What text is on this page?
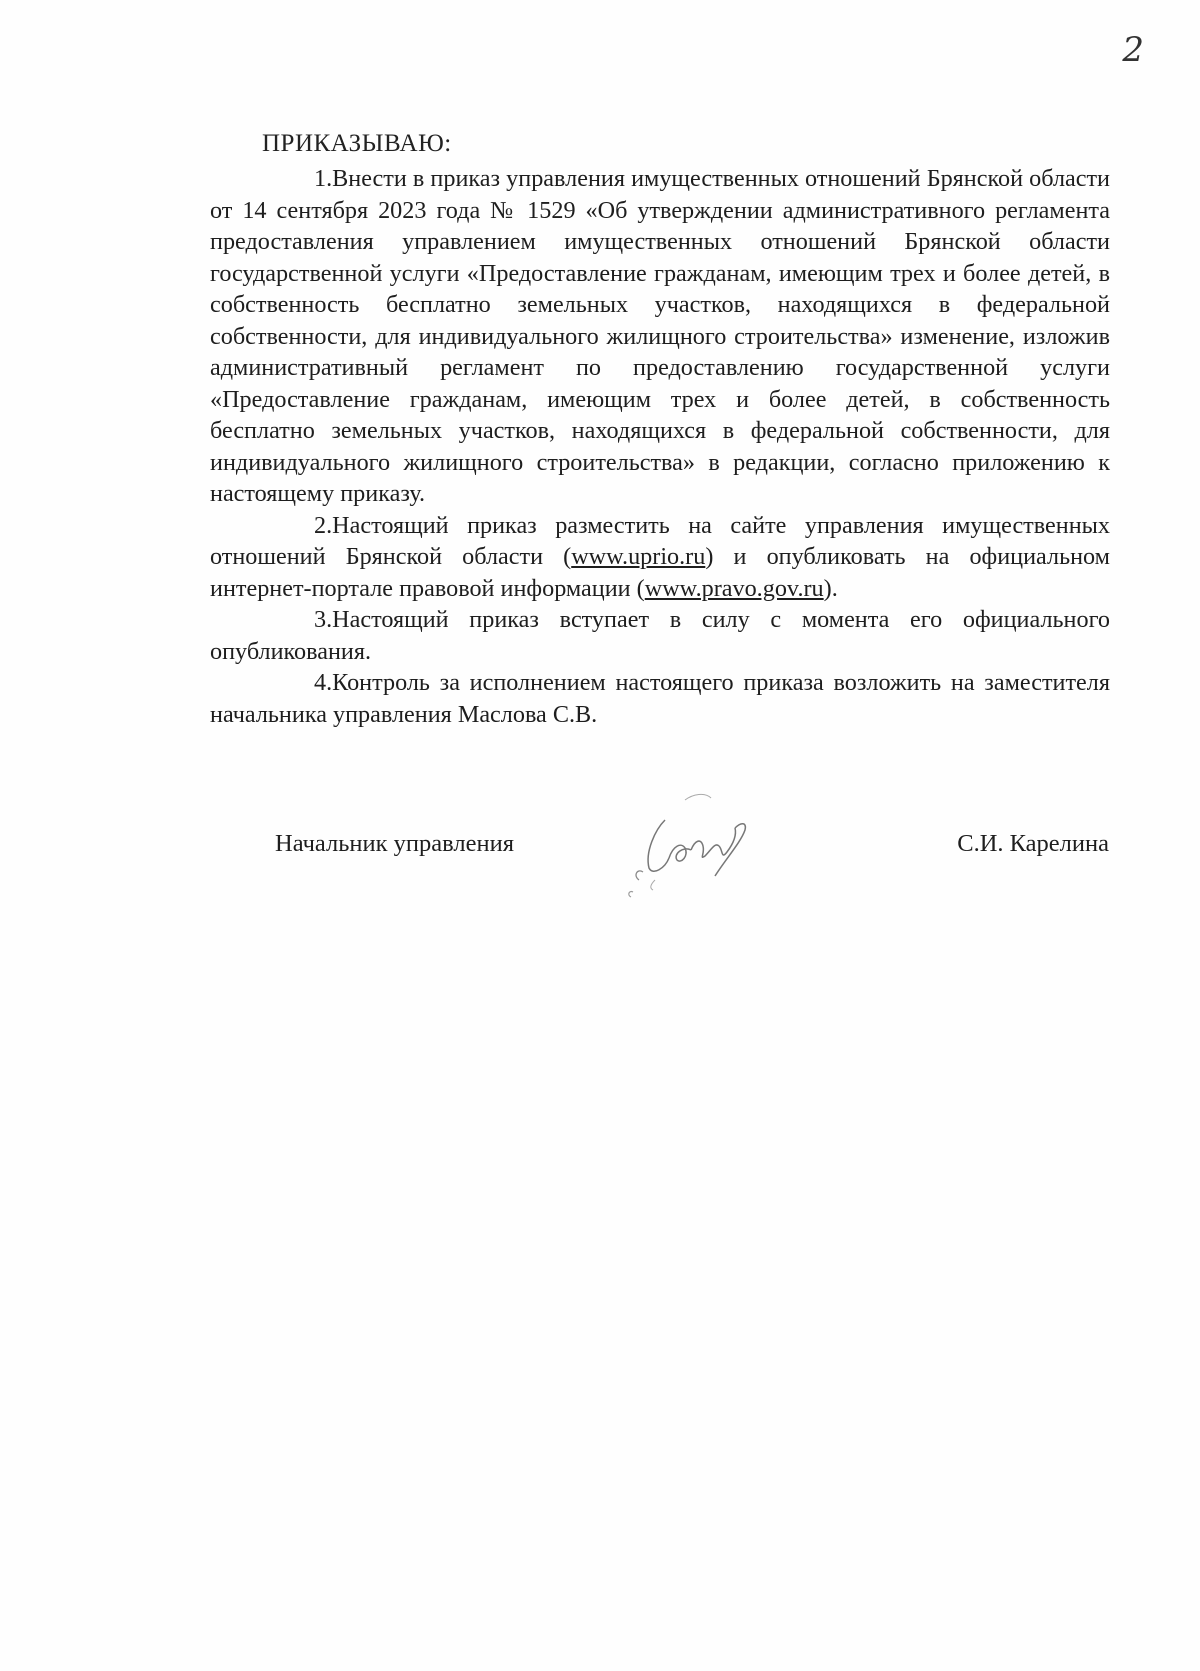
2
ПРИКАЗЫВАЮ:

1.Внести в приказ управления имущественных отношений Брянской области от 14 сентября 2023 года № 1529 «Об утверждении административного регламента предоставления управлением имущественных отношений Брянской области государственной услуги «Предоставление гражданам, имеющим трех и более детей, в собственность бесплатно земельных участков, находящихся в федеральной собственности, для индивидуального жилищного строительства» изменение, изложив административный регламент по предоставлению государственной услуги «Предоставление гражданам, имеющим трех и более детей, в собственность бесплатно земельных участков, находящихся в федеральной собственности, для индивидуального жилищного строительства» в редакции, согласно приложению к настоящему приказу.

2.Настоящий приказ разместить на сайте управления имущественных отношений Брянской области (www.uprio.ru) и опубликовать на официальном интернет-портале правовой информации (www.pravo.gov.ru).

3.Настоящий приказ вступает в силу с момента его официального опубликования.

4.Контроль за исполнением настоящего приказа возложить на заместителя начальника управления Маслова С.В.

Начальник управления	С.И. Карелина
